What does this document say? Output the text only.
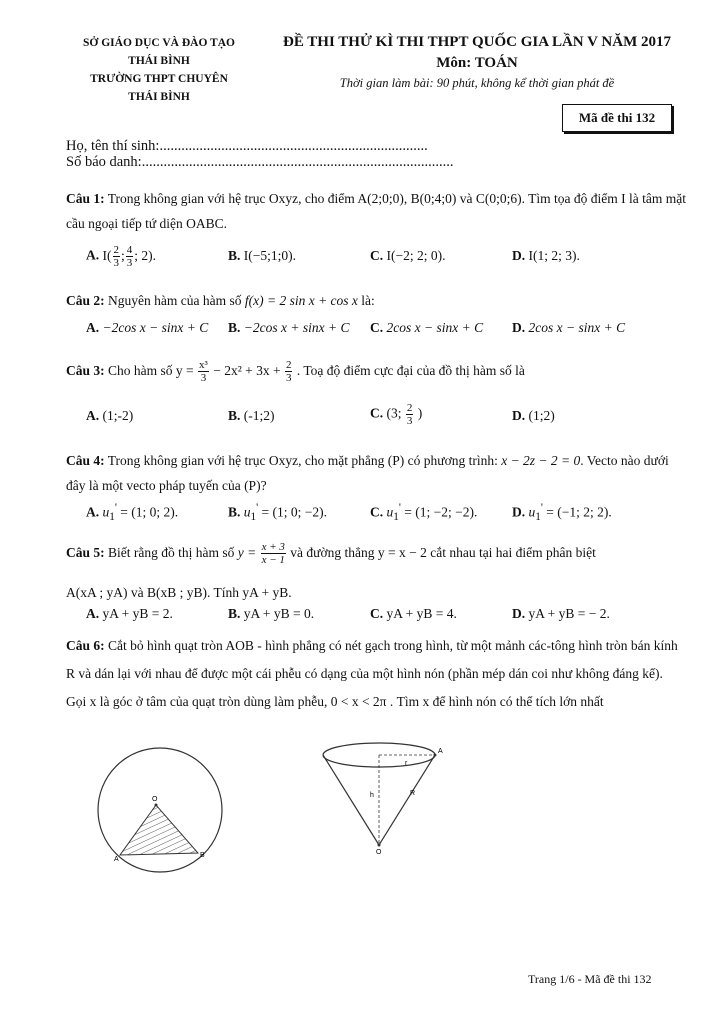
SỞ GIÁO DỤC VÀ ĐÀO TẠO
THÁI BÌNH
TRƯỜNG THPT CHUYÊN
THÁI BÌNH
ĐỀ THI THỬ KÌ THI THPT QUỐC GIA LẦN V NĂM 2017
Môn: TOÁN
Thời gian làm bài: 90 phút, không kể thời gian phát đề
Mã đề thi 132
Họ, tên thí sinh:..........................................................................
Số báo danh:......................................................................................
Câu 1: Trong không gian với hệ trục Oxyz, cho điểm A(2;0;0), B(0;4;0) và C(0;0;6). Tìm tọa độ điểm I là tâm mặt cầu ngoại tiếp tứ diện OABC.
A. $I( \frac{2}{3}$ ; $\frac{4}{3}$ ; 2).	B. I(−5;1;0).	C. I(−2; 2; 0).	D. I(1; 2; 3).
Câu 2: Nguyên hàm của hàm số f(x) = 2 sin x + cos x là:
A. −2cos x − sinx + C B. −2cos x + sinx + C C. 2cos x − sinx + C D. 2cos x − sinx + C
Câu 3: Cho hàm số $y = \frac{\text{x³}}{3} - 2x^2 + 3x + \frac{2}{3}$ . Toạ độ điểm cực đại của đồ thị hàm số là
A. (1;-2)	B. (-1;2)	C. (3; $\frac{2}{3}$ )	D. (1;2)
Câu 4: Trong không gian với hệ trục Oxyz, cho mặt phẳng (P) có phương trình: x − 2z − 2 = 0. Vecto nào dưới đây là một vecto pháp tuyến của (P)?
A. $u_1' = (1$; 0; 2).	B. $u_1' = (1$; 0; −2).	C. $u_1' = (1$; −2; −2).	D. $u_1' = (-1$; 2; 2).
Câu 5: Biết rằng đồ thị hàm số $y = \frac{x + 3}{x - 1}$ và đường thẳng y = x − 2 cắt nhau tại hai điểm phân biệt
A(xA ; yA) và B(xB ; yB). Tính yA + yB.
A. yA + yB = 2.	B. yA + yB = 0.	C. yA + yB = 4.	D. yA + yB = − 2.
Câu 6: Cắt bỏ hình quạt tròn AOB - hình phẳng có nét gạch trong hình, từ một mảnh các-tông hình tròn bán kính R và dán lại với nhau để được một cái phễu có dạng của một hình nón (phần mép dán coi như không đáng kể). Gọi x là góc ở tâm của quạt tròn dùng làm phễu, 0 < x < 2π . Tìm x để hình nón có thể tích lớn nhất
O
A
B
A
r
h	R
O
Trang 1/6 - Mã đề thi 132
